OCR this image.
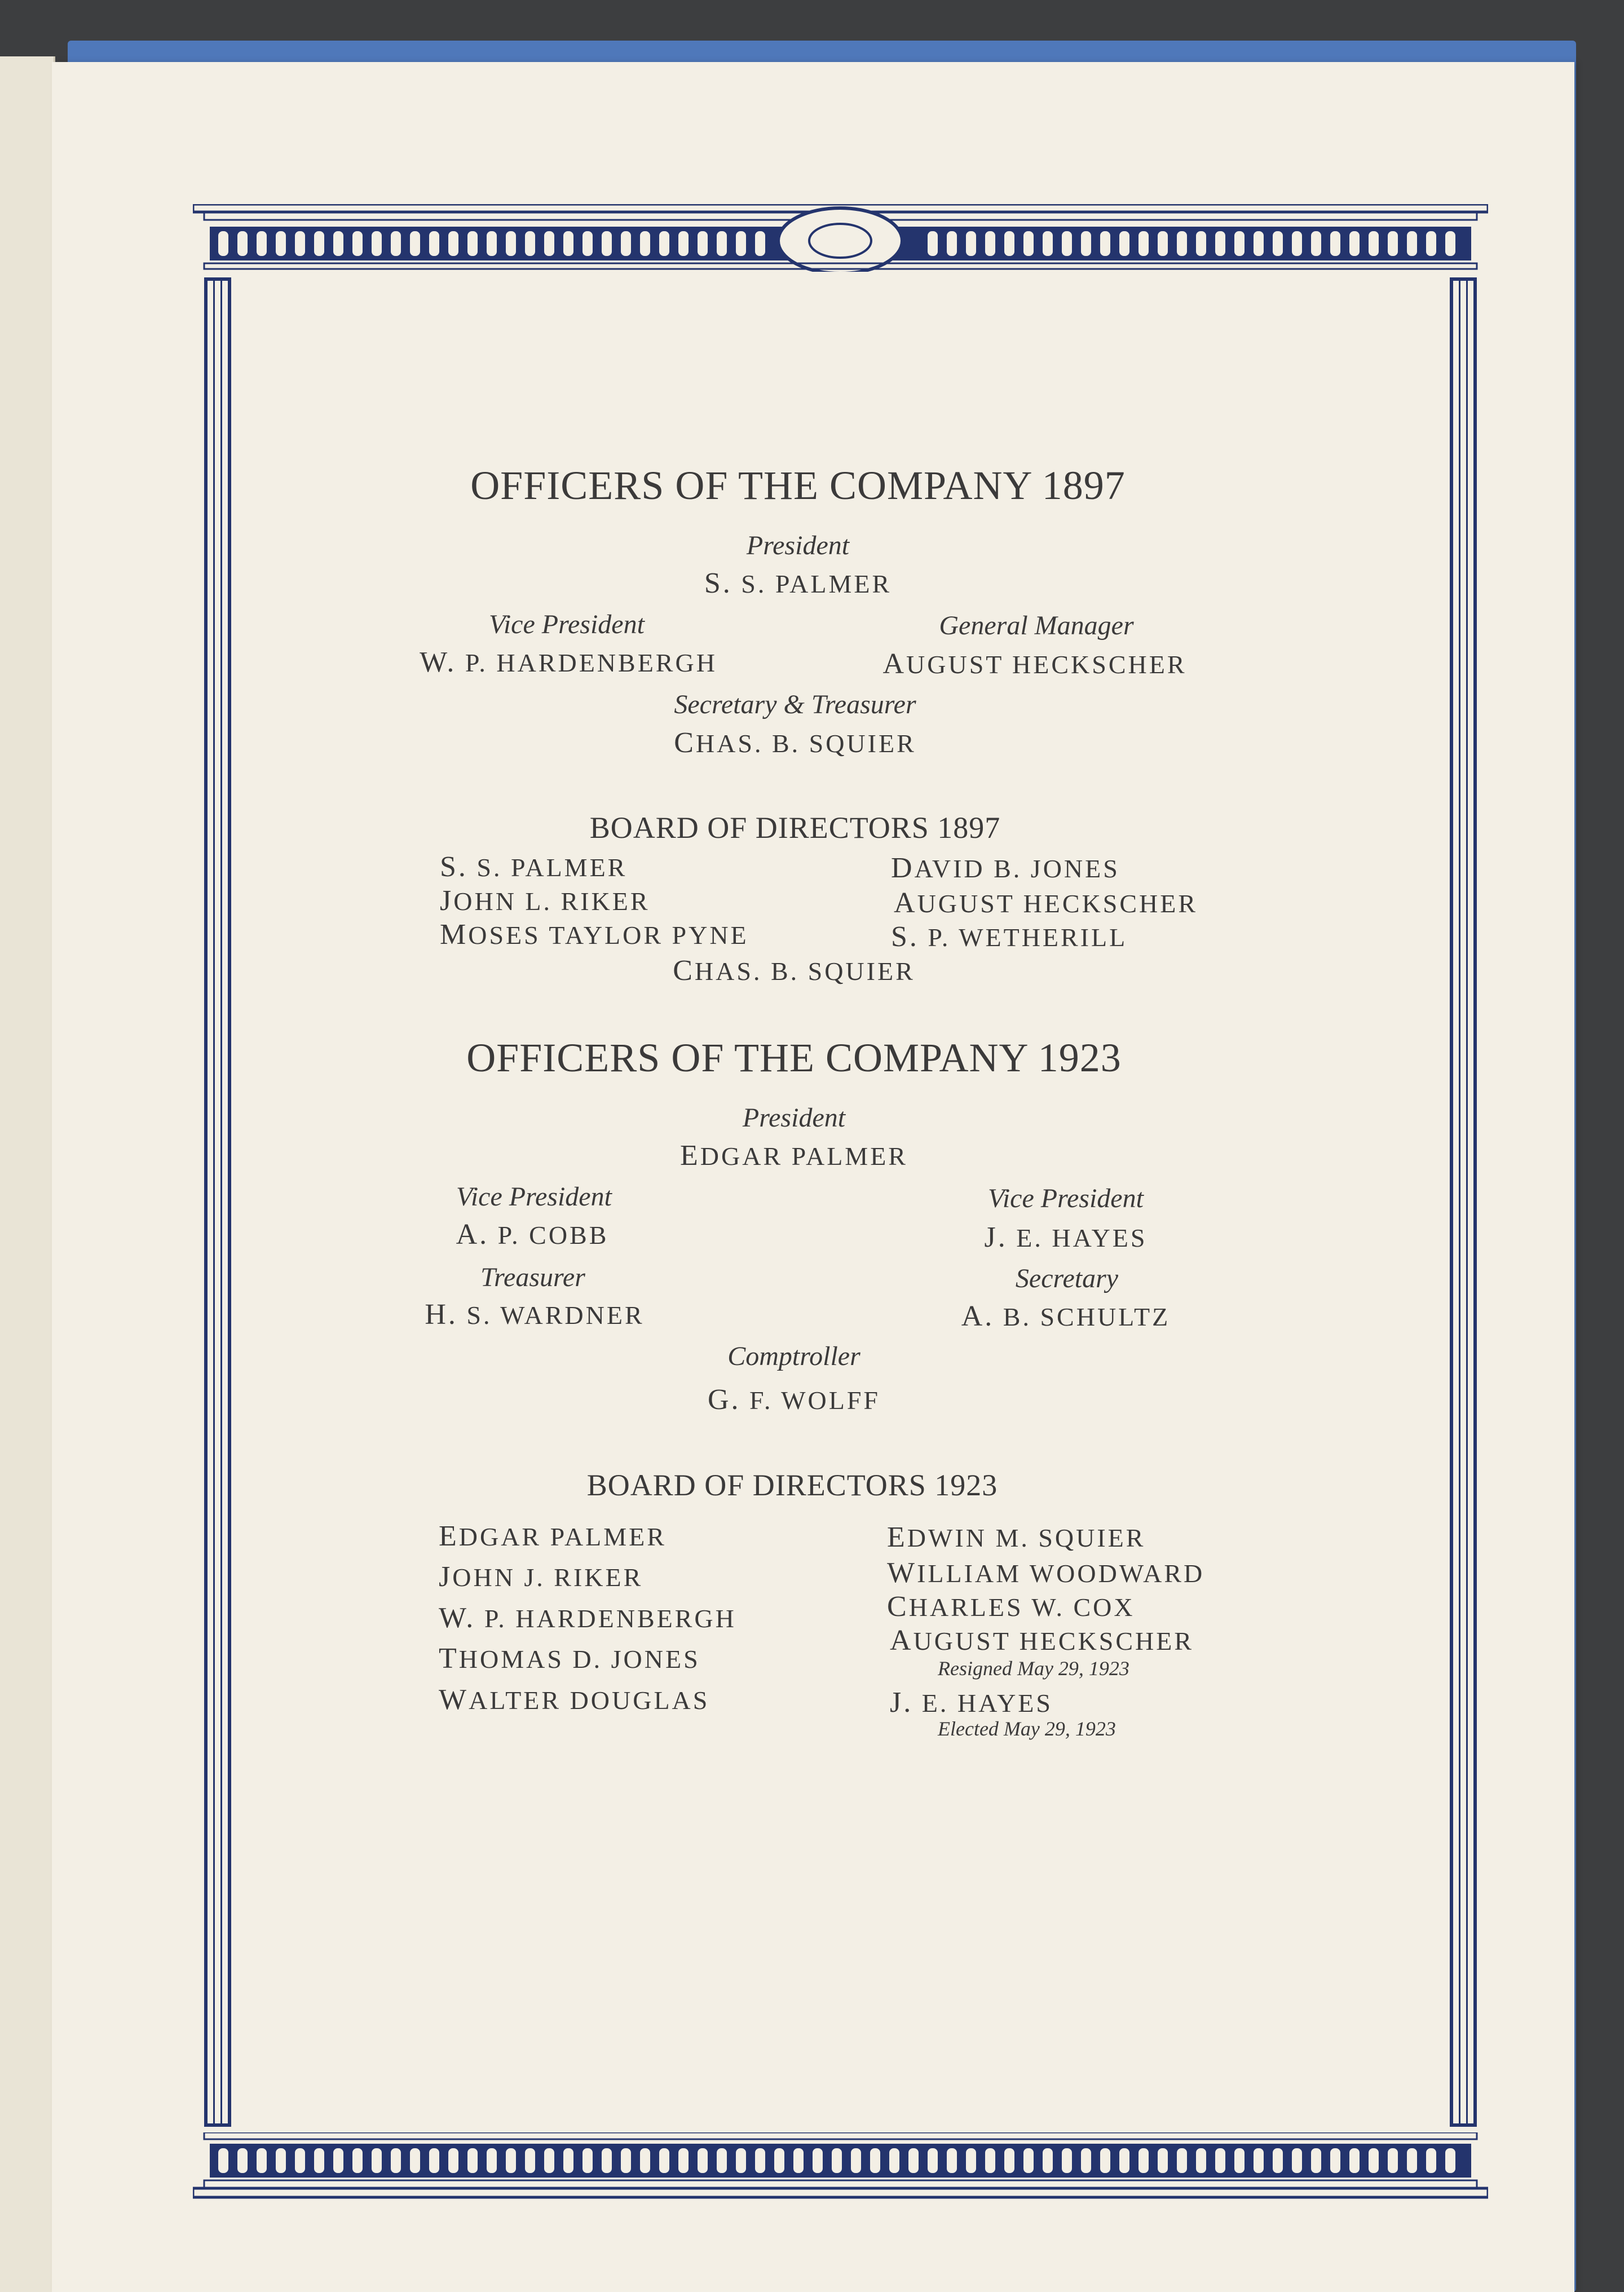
OFFICERS OF THE COMPANY 1897
President
S. S. PALMER
Vice President
W. P. HARDENBERGH
General Manager
AUGUST HECKSCHER
Secretary & Treasurer
CHAS. B. SQUIER
BOARD OF DIRECTORS 1897
S. S. PALMER
JOHN L. RIKER
MOSES TAYLOR PYNE
DAVID B. JONES
AUGUST HECKSCHER
S. P. WETHERILL
CHAS. B. SQUIER
OFFICERS OF THE COMPANY 1923
President
EDGAR PALMER
Vice President
A. P. COBB
Vice President
J. E. HAYES
Treasurer
H. S. WARDNER
Secretary
A. B. SCHULTZ
Comptroller
G. F. WOLFF
BOARD OF DIRECTORS 1923
EDGAR PALMER
JOHN J. RIKER
W. P. HARDENBERGH
THOMAS D. JONES
WALTER DOUGLAS
EDWIN M. SQUIER
WILLIAM WOODWARD
CHARLES W. COX
AUGUST HECKSCHER
Resigned May 29, 1923
J. E. HAYES
Elected May 29, 1923
